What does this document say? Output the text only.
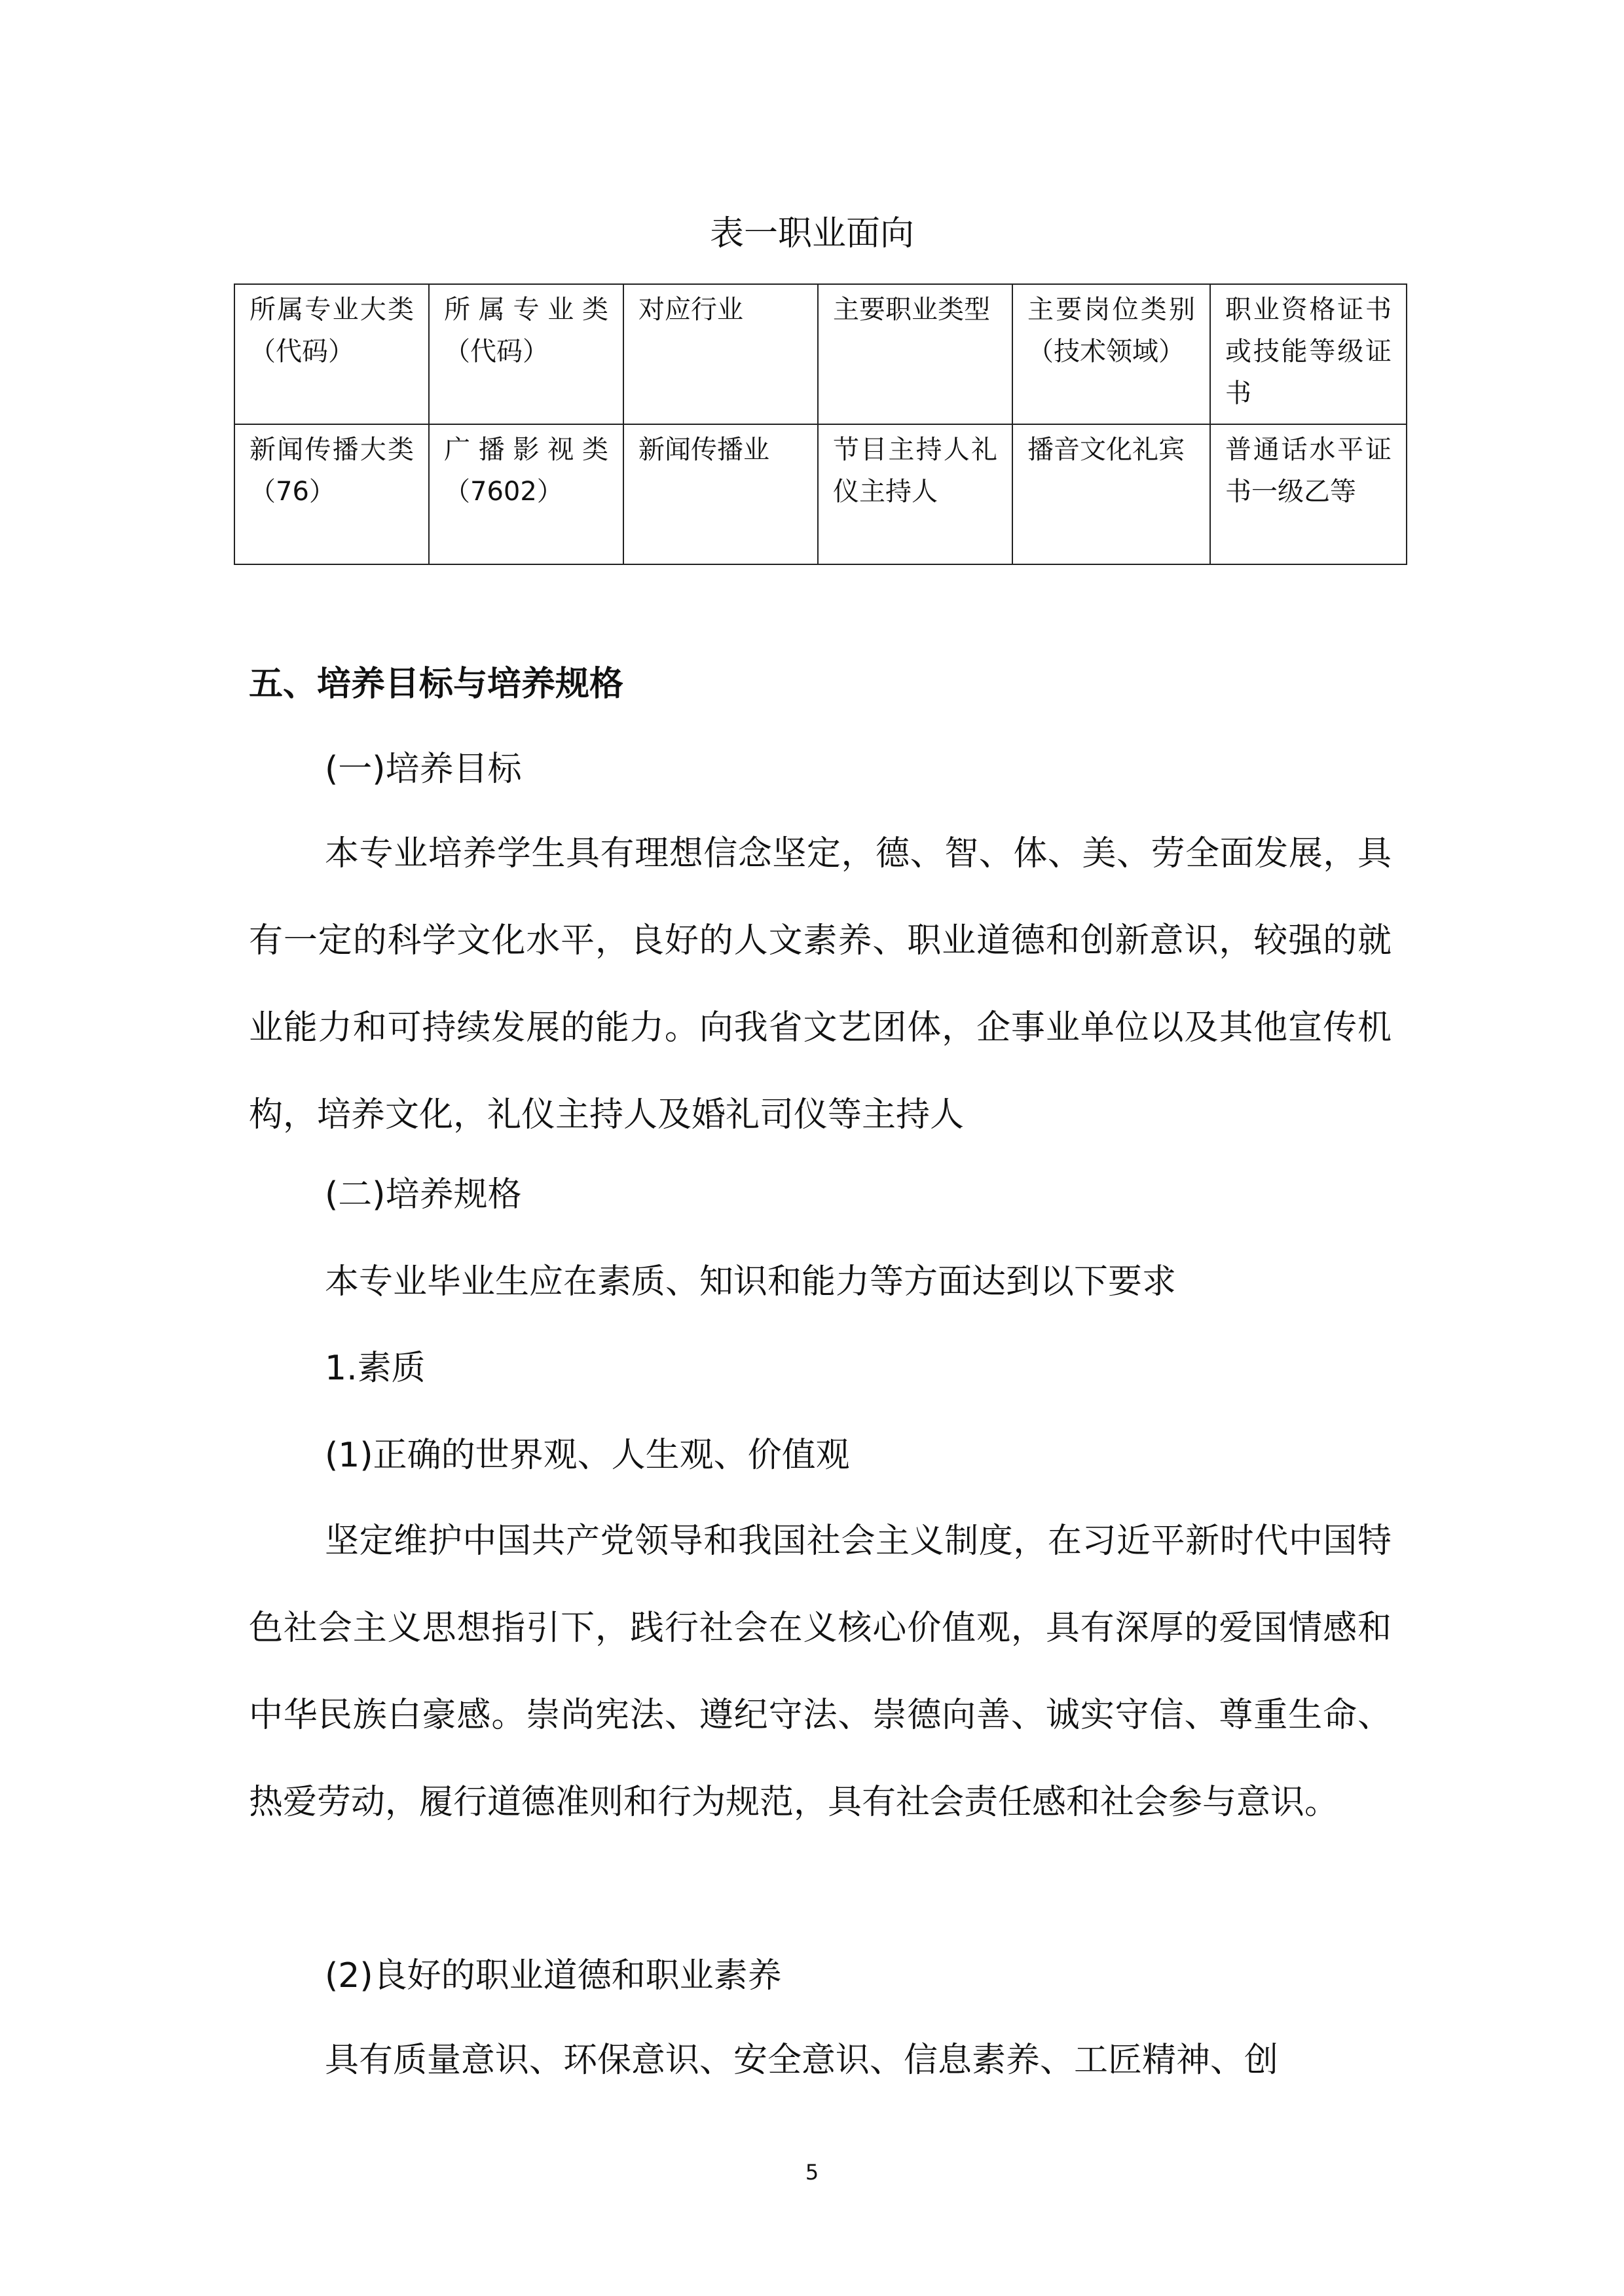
表一职业面向
所属专业大类（代码）	所属专业类（代码）	对应行业	主要职业类型	主要岗位类别（技术领域）	职业资格证书或技能等级证书
新闻传播大类（76）	广播影视类（7602）	新闻传播业	节目主持人礼仪主持人	播音文化礼宾	普通话水平证书一级乙等
五、培养目标与培养规格
(一)培养目标
本专业培养学生具有理想信念坚定，德、智、体、美、劳全面发展，具有一定的科学文化水平，良好的人文素养、职业道德和创新意识，较强的就业能力和可持续发展的能力。向我省文艺团体，企事业单位以及其他宣传机构，培养文化，礼仪主持人及婚礼司仪等主持人
(二)培养规格
本专业毕业生应在素质、知识和能力等方面达到以下要求
1.素质
(1)正确的世界观、人生观、价值观
坚定维护中国共产党领导和我国社会主义制度，在习近平新时代中国特色社会主义思想指引下，践行社会在义核心价值观，具有深厚的爱国情感和中华民族白豪感。崇尚宪法、遵纪守法、崇德向善、诚实守信、尊重生命、热爱劳动，履行道德准则和行为规范，具有社会责任感和社会参与意识。
(2)良好的职业道德和职业素养
具有质量意识、环保意识、安全意识、信息素养、工匠精神、创
5
